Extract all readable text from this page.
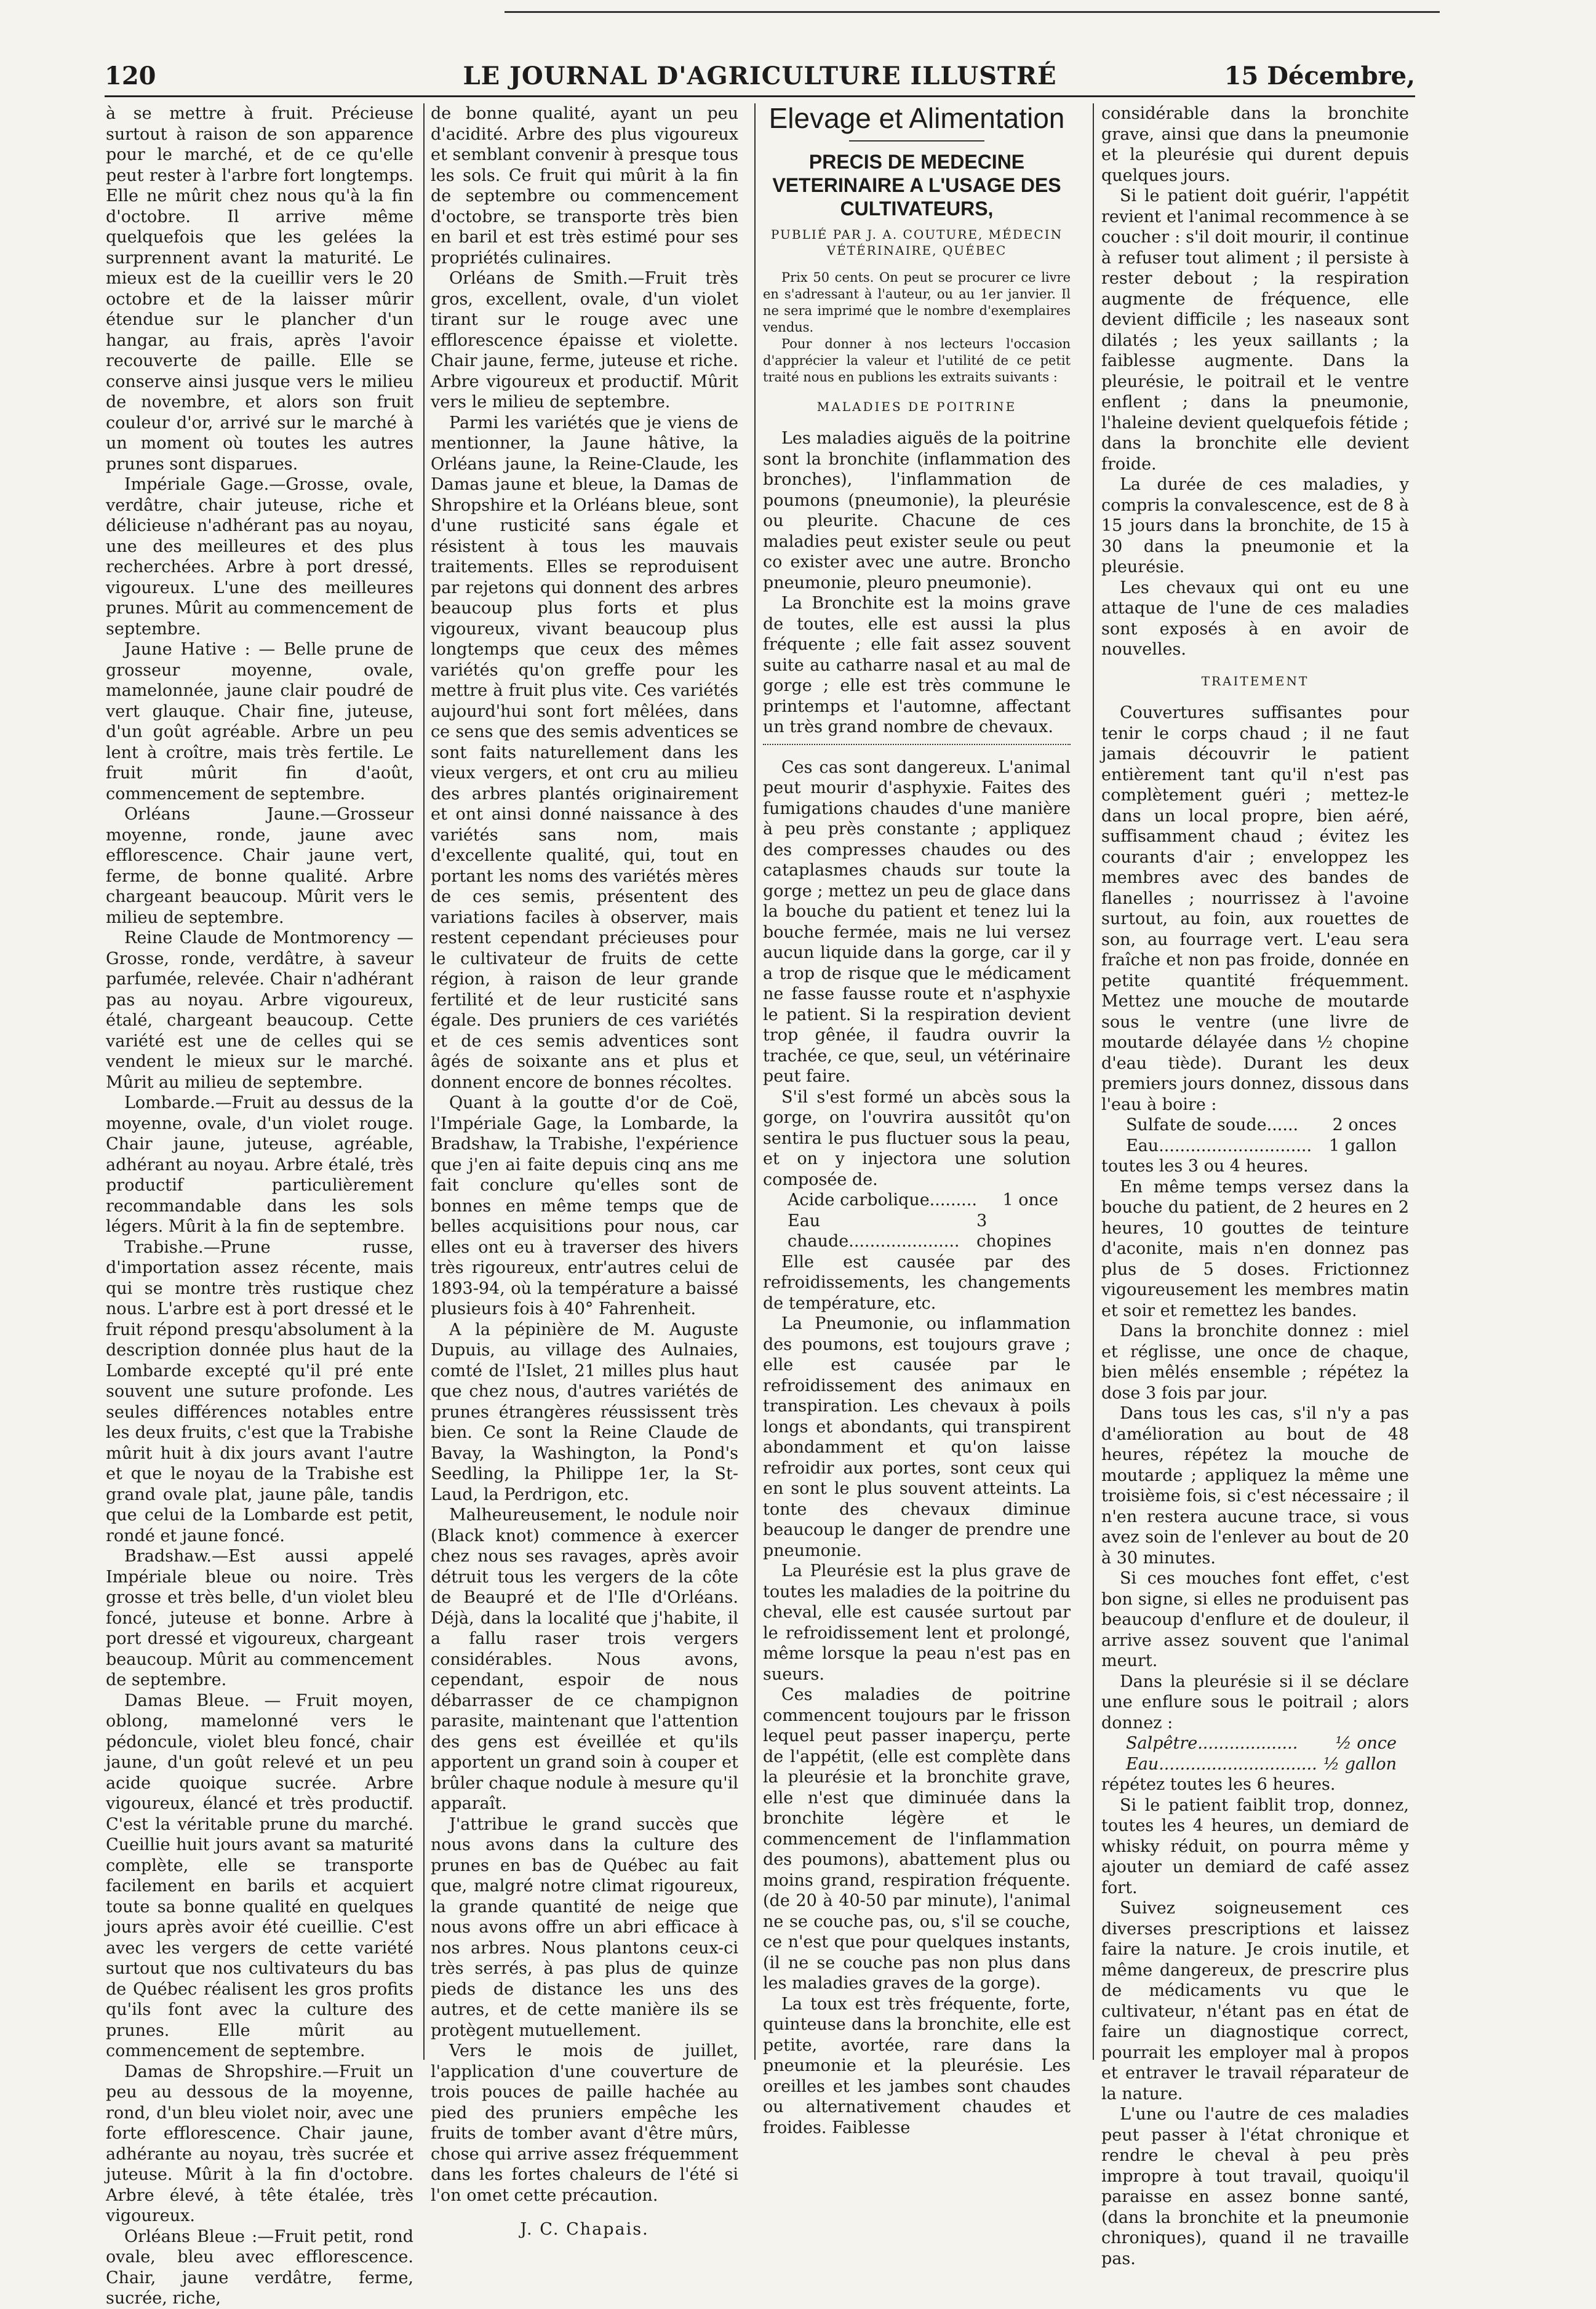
120	LE JOURNAL D'AGRICULTURE ILLUSTRÉ	15 Décembre,

à se mettre à fruit. Précieuse surtout à raison de son apparence pour le marché, et de ce qu'elle peut rester à l'arbre fort longtemps. Elle ne mûrit chez nous qu'à la fin d'octobre. Il arrive même quelquefois que les gelées la surprennent avant la maturité. Le mieux est de la cueillir vers le 20 octobre et de la laisser mûrir étendue sur le plancher d'un hangar, au frais, après l'avoir recouverte de paille. Elle se conserve ainsi jusque vers le milieu de novembre, et alors son fruit couleur d'or, arrivé sur le marché à un moment où toutes les autres prunes sont disparues.

Impériale Gage.—Grosse, ovale, verdâtre, chair juteuse, riche et délicieuse n'adhérant pas au noyau, une des meilleures et des plus recherchées. Arbre à port dressé, vigoureux. L'une des meilleures prunes. Mûrit au commencement de septembre.

Jaune Hative : — Belle prune de grosseur moyenne, ovale, mamelonnée, jaune clair poudré de vert glauque. Chair fine, juteuse, d'un goût agréable. Arbre un peu lent à croître, mais très fertile. Le fruit mûrit fin d'août, commencement de septembre.

Orléans Jaune.—Grosseur moyenne, ronde, jaune avec efflorescence. Chair jaune vert, ferme, de bonne qualité. Arbre chargeant beaucoup. Mûrit vers le milieu de septembre.

Reine Claude de Montmorency —Grosse, ronde, verdâtre, à saveur parfumée, relevée. Chair n'adhérant pas au noyau. Arbre vigoureux, étalé, chargeant beaucoup. Cette variété est une de celles qui se vendent le mieux sur le marché. Mûrit au milieu de septembre.

Lombarde.—Fruit au dessus de la moyenne, ovale, d'un violet rouge. Chair jaune, juteuse, agréable, adhérant au noyau. Arbre étalé, très productif particulièrement recommandable dans les sols légers. Mûrit à la fin de septembre.

Trabishe.—Prune russe, d'importation assez récente, mais qui se montre très rustique chez nous. L'arbre est à port dressé et le fruit répond presqu'absolument à la description donnée plus haut de la Lombarde excepté qu'il pré ente souvent une suture profonde. Les seules différences notables entre les deux fruits, c'est que la Trabishe mûrit huit à dix jours avant l'autre et que le noyau de la Trabishe est grand ovale plat, jaune pâle, tandis que celui de la Lombarde est petit, rondé et jaune foncé.

Bradshaw.—Est aussi appelé Impériale bleue ou noire. Très grosse et très belle, d'un violet bleu foncé, juteuse et bonne. Arbre à port dressé et vigoureux, chargeant beaucoup. Mûrit au commencement de septembre.

Damas Bleue. — Fruit moyen, oblong, mamelonné vers le pédoncule, violet bleu foncé, chair jaune, d'un goût relevé et un peu acide quoique sucrée. Arbre vigoureux, élancé et très productif. C'est la véritable prune du marché. Cueillie huit jours avant sa maturité complète, elle se transporte facilement en barils et acquiert toute sa bonne qualité en quelques jours après avoir été cueillie. C'est avec les vergers de cette variété surtout que nos cultivateurs du bas de Québec réalisent les gros profits qu'ils font avec la culture des prunes. Elle mûrit au commencement de septembre.

Damas de Shropshire.—Fruit un peu au dessous de la moyenne, rond, d'un bleu violet noir, avec une forte efflorescence. Chair jaune, adhérante au noyau, très sucrée et juteuse. Mûrit à la fin d'octobre. Arbre élevé, à tête étalée, très vigoureux.

Orléans Bleue :—Fruit petit, rond ovale, bleu avec efflorescence. Chair, jaune verdâtre, ferme, sucrée, riche,

de bonne qualité, ayant un peu d'acidité. Arbre des plus vigoureux et semblant convenir à presque tous les sols. Ce fruit qui mûrit à la fin de septembre ou commencement d'octobre, se transporte très bien en baril et est très estimé pour ses propriétés culinaires.

Orléans de Smith.—Fruit très gros, excellent, ovale, d'un violet tirant sur le rouge avec une efflorescence épaisse et violette. Chair jaune, ferme, juteuse et riche. Arbre vigoureux et productif. Mûrit vers le milieu de septembre.

Parmi les variétés que je viens de mentionner, la Jaune hâtive, la Orléans jaune, la Reine-Claude, les Damas jaune et bleue, la Damas de Shropshire et la Orléans bleue, sont d'une rusticité sans égale et résistent à tous les mauvais traitements. Elles se reproduisent par rejetons qui donnent des arbres beaucoup plus forts et plus vigoureux, vivant beaucoup plus longtemps que ceux des mêmes variétés qu'on greffe pour les mettre à fruit plus vite. Ces variétés aujourd'hui sont fort mêlées, dans ce sens que des semis adventices se sont faits naturellement dans les vieux vergers, et ont cru au milieu des arbres plantés originairement et ont ainsi donné naissance à des variétés sans nom, mais d'excellente qualité, qui, tout en portant les noms des variétés mères de ces semis, présentent des variations faciles à observer, mais restent cependant précieuses pour le cultivateur de fruits de cette région, à raison de leur grande fertilité et de leur rusticité sans égale. Des pruniers de ces variétés et de ces semis adventices sont âgés de soixante ans et plus et donnent encore de bonnes récoltes.

Quant à la goutte d'or de Coë, l'Impériale Gage, la Lombarde, la Bradshaw, la Trabishe, l'expérience que j'en ai faite depuis cinq ans me fait conclure qu'elles sont de bonnes en même temps que de belles acquisitions pour nous, car elles ont eu à traverser des hivers très rigoureux, entr'autres celui de 1893-94, où la température a baissé plusieurs fois à 40° Fahrenheit.

A la pépinière de M. Auguste Dupuis, au village des Aulnaies, comté de l'Islet, 21 milles plus haut que chez nous, d'autres variétés de prunes étrangères réussissent très bien. Ce sont la Reine Claude de Bavay, la Washington, la Pond's Seedling, la Philippe 1er, la St-Laud, la Perdrigon, etc.

Malheureusement, le nodule noir (Black knot) commence à exercer chez nous ses ravages, après avoir détruit tous les vergers de la côte de Beaupré et de l'Ile d'Orléans. Déjà, dans la localité que j'habite, il a fallu raser trois vergers considérables. Nous avons, cependant, espoir de nous débarrasser de ce champignon parasite, maintenant que l'attention des gens est éveillée et qu'ils apportent un grand soin à couper et brûler chaque nodule à mesure qu'il apparaît.

J'attribue le grand succès que nous avons dans la culture des prunes en bas de Québec au fait que, malgré notre climat rigoureux, la grande quantité de neige que nous avons offre un abri efficace à nos arbres. Nous plantons ceux-ci très serrés, à pas plus de quinze pieds de distance les uns des autres, et de cette manière ils se protègent mutuellement.

Vers le mois de juillet, l'application d'une couverture de trois pouces de paille hachée au pied des pruniers empêche les fruits de tomber avant d'être mûrs, chose qui arrive assez fréquemment dans les fortes chaleurs de l'été si l'on omet cette précaution.

J. C. Chapais.
Elevage et Alimentation
PRECIS DE MEDECINE VETERINAIRE A L'USAGE DES CULTIVATEURS,
PUBLIÉ PAR J. A. COUTURE, MÉDECIN VÉTÉRINAIRE, QUÉBEC

Prix 50 cents. On peut se procurer ce livre en s'adressant à l'auteur, ou au 1er janvier. Il ne sera imprimé que le nombre d'exemplaires vendus.

Pour donner à nos lecteurs l'occasion d'apprécier la valeur et l'utilité de ce petit traité nous en publions les extraits suivants :

MALADIES DE POITRINE

Les maladies aiguës de la poitrine sont la bronchite (inflammation des bronches), l'inflammation de poumons (pneumonie), la pleurésie ou pleurite. Chacune de ces maladies peut exister seule ou peut co exister avec une autre. Broncho pneumonie, pleuro pneumonie).

La Bronchite est la moins grave de toutes, elle est aussi la plus fréquente ; elle fait assez souvent suite au catharre nasal et au mal de gorge ; elle est très commune le printemps et l'automne, affectant un très grand nombre de chevaux.

Ces cas sont dangereux. L'animal peut mourir d'asphyxie. Faites des fumigations chaudes d'une manière à peu près constante ; appliquez des compresses chaudes ou des cataplasmes chauds sur toute la gorge ; mettez un peu de glace dans la bouche du patient et tenez lui la bouche fermée, mais ne lui versez aucun liquide dans la gorge, car il y a trop de risque que le médicament ne fasse fausse route et n'asphyxie le patient. Si la respiration devient trop gênée, il faudra ouvrir la trachée, ce que, seul, un vétérinaire peut faire.

S'il s'est formé un abcès sous la gorge, on l'ouvrira aussitôt qu'on sentira le pus fluctuer sous la peau, et on y injectora une solution composée de.

Acide carbolique......... 1 once
Eau chaude.....................
3 chopines

Elle est causée par des refroidissements, les changements de température, etc.

La Pneumonie, ou inflammation des poumons, est toujours grave ; elle est causée par le refroidissement des animaux en transpiration. Les chevaux à poils longs et abondants, qui transpirent abondamment et qu'on laisse refroidir aux portes, sont ceux qui en sont le plus souvent atteints. La tonte des chevaux diminue beaucoup le danger de prendre une pneumonie.

La Pleurésie est la plus grave de toutes les maladies de la poitrine du cheval, elle est causée surtout par le refroidissement lent et prolongé, même lorsque la peau n'est pas en sueurs.

Ces maladies de poitrine commencent toujours par le frisson lequel peut passer inaperçu, perte de l'appétit, (elle est complète dans la pleurésie et la bronchite grave, elle n'est que diminuée dans la bronchite légère et le commencement de l'inflammation des poumons), abattement plus ou moins grand, respiration fréquente. (de 20 à 40-50 par minute), l'animal ne se couche pas, ou, s'il se couche, ce n'est que pour quelques instants, (il ne se couche pas non plus dans les maladies graves de la gorge).

La toux est très fréquente, forte, quinteuse dans la bronchite, elle est petite, avortée, rare dans la pneumonie et la pleurésie. Les oreilles et les jambes sont chaudes ou alternativement chaudes et froides. Faiblesse

considérable dans la bronchite grave, ainsi que dans la pneumonie et la pleurésie qui durent depuis quelques jours.

Si le patient doit guérir, l'appétit revient et l'animal recommence à se coucher : s'il doit mourir, il continue à refuser tout aliment ; il persiste à rester debout ; la respiration augmente de fréquence, elle devient difficile ; les naseaux sont dilatés ; les yeux saillants ; la faiblesse augmente. Dans la pleurésie, le poitrail et le ventre enflent ; dans la pneumonie, l'haleine devient quelquefois fétide ; dans la bronchite elle devient froide.

La durée de ces maladies, y compris la convalescence, est de 8 à 15 jours dans la bronchite, de 15 à 30 dans la pneumonie et la pleurésie.

Les chevaux qui ont eu une attaque de l'une de ces maladies sont exposés à en avoir de nouvelles.

TRAITEMENT

Couvertures suffisantes pour tenir le corps chaud ; il ne faut jamais découvrir le patient entièrement tant qu'il n'est pas complètement guéri ; mettez-le dans un local propre, bien aéré, suffisamment chaud ; évitez les courants d'air ; enveloppez les membres avec des bandes de flanelles ; nourrissez à l'avoine surtout, au foin, aux rouettes de son, au fourrage vert. L'eau sera fraîche et non pas froide, donnée en petite quantité fréquemment. Mettez une mouche de moutarde sous le ventre (une livre de moutarde délayée dans ½ chopine d'eau tiède). Durant les deux premiers jours donnez, dissous dans l'eau à boire :

Sulfate de soude...... 2 onces
Eau............................. 1 gallon

toutes les 3 ou 4 heures.

En même temps versez dans la bouche du patient, de 2 heures en 2 heures, 10 gouttes de teinture d'aconite, mais n'en donnez pas plus de 5 doses. Frictionnez vigoureusement les membres matin et soir et remettez les bandes.

Dans la bronchite donnez : miel et réglisse, une once de chaque, bien mêlés ensemble ; répétez la dose 3 fois par jour.

Dans tous les cas, s'il n'y a pas d'amélioration au bout de 48 heures, répétez la mouche de moutarde ; appliquez la même une troisième fois, si c'est nécessaire ; il n'en restera aucune trace, si vous avez soin de l'enlever au bout de 20 à 30 minutes.

Si ces mouches font effet, c'est bon signe, si elles ne produisent pas beaucoup d'enflure et de douleur, il arrive assez souvent que l'animal meurt.

Dans la pleurésie si il se déclare une enflure sous le poitrail ; alors donnez :

Salpêtre................... ½ once
Eau.............................. ½ gallon

répétez toutes les 6 heures.

Si le patient faiblit trop, donnez, toutes les 4 heures, un demiard de whisky réduit, on pourra même y ajouter un demiard de café assez fort.

Suivez soigneusement ces diverses prescriptions et laissez faire la nature. Je crois inutile, et même dangereux, de prescrire plus de médicaments vu que le cultivateur, n'étant pas en état de faire un diagnostique correct, pourrait les employer mal à propos et entraver le travail réparateur de la nature.

L'une ou l'autre de ces maladies peut passer à l'état chronique et rendre le cheval à peu près impropre à tout travail, quoiqu'il paraisse en assez bonne santé, (dans la bronchite et la pneumonie chroniques), quand il ne travaille pas.
